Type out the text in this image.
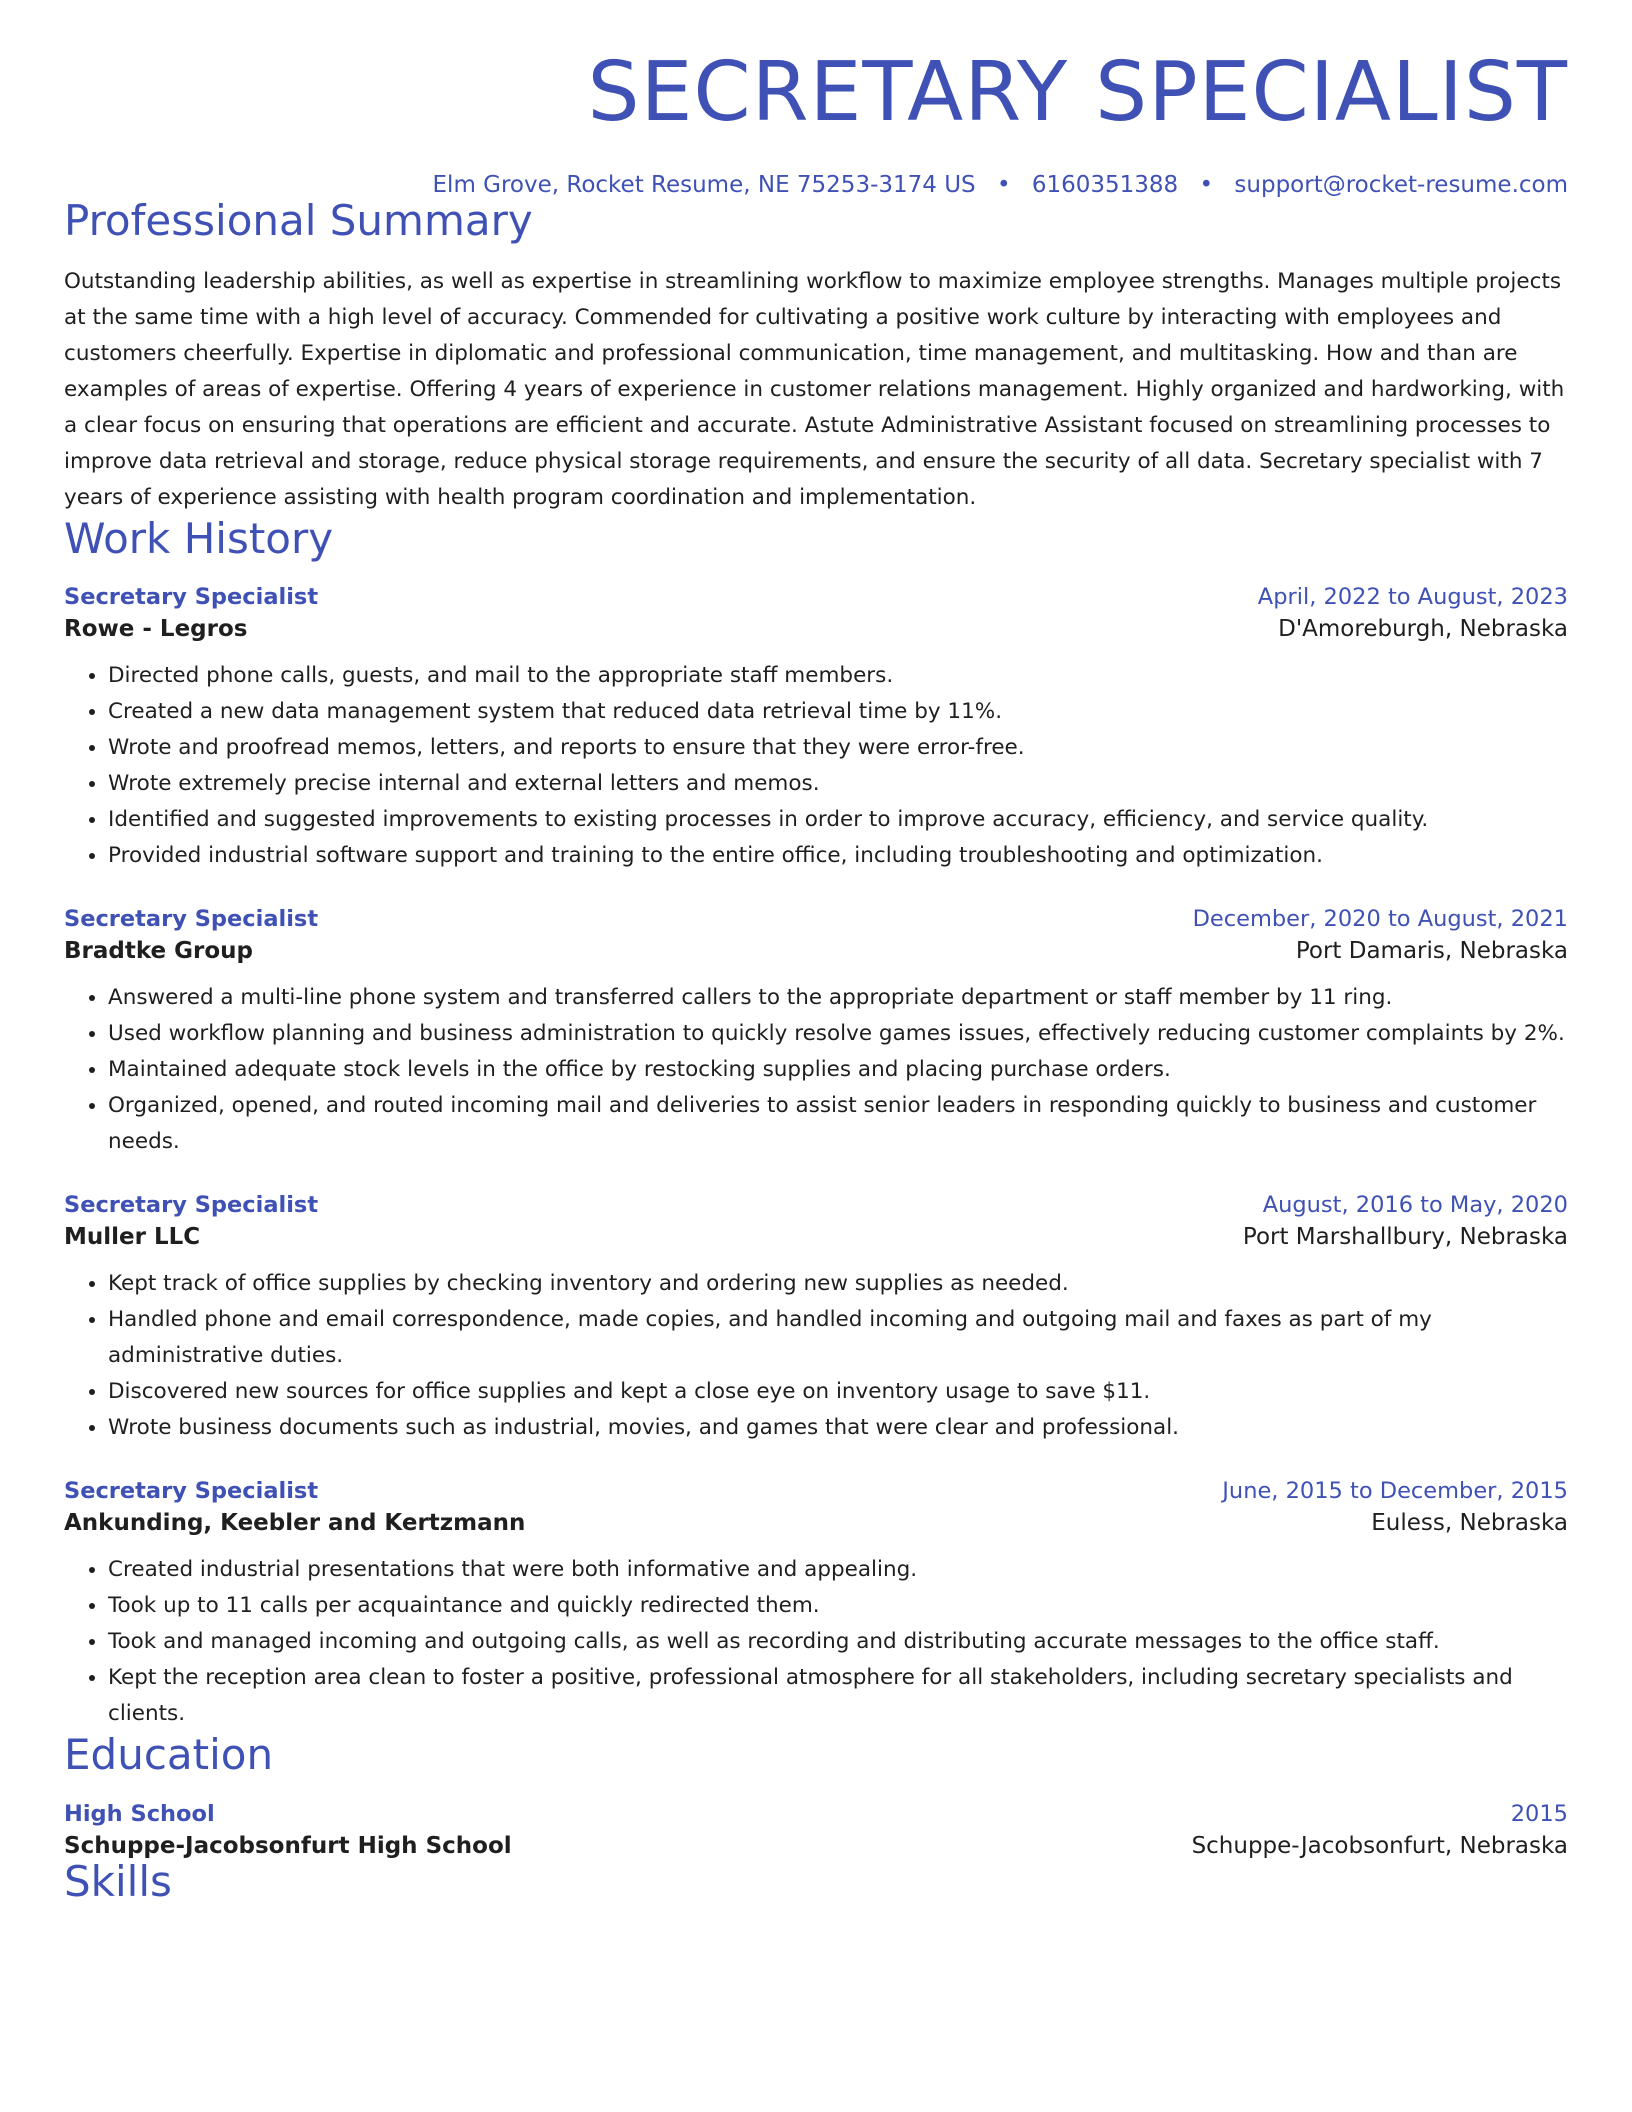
SECRETARY SPECIALIST
Elm Grove, Rocket Resume, NE 75253-3174 US • 6160351388 • support@rocket-resume.com
Professional Summary
Outstanding leadership abilities, as well as expertise in streamlining workflow to maximize employee strengths. Manages multiple projects at the same time with a high level of accuracy. Commended for cultivating a positive work culture by interacting with employees and customers cheerfully. Expertise in diplomatic and professional communication, time management, and multitasking. How and than are examples of areas of expertise. Offering 4 years of experience in customer relations management. Highly organized and hardworking, with a clear focus on ensuring that operations are efficient and accurate. Astute Administrative Assistant focused on streamlining processes to improve data retrieval and storage, reduce physical storage requirements, and ensure the security of all data. Secretary specialist with 7 years of experience assisting with health program coordination and implementation.
Work History
Secretary Specialist	April, 2022 to August, 2023
Rowe - Legros	D'Amoreburgh, Nebraska
• Directed phone calls, guests, and mail to the appropriate staff members.
• Created a new data management system that reduced data retrieval time by 11%.
• Wrote and proofread memos, letters, and reports to ensure that they were error-free.
• Wrote extremely precise internal and external letters and memos.
• Identified and suggested improvements to existing processes in order to improve accuracy, efficiency, and service quality.
• Provided industrial software support and training to the entire office, including troubleshooting and optimization.
Secretary Specialist	December, 2020 to August, 2021
Bradtke Group	Port Damaris, Nebraska
• Answered a multi-line phone system and transferred callers to the appropriate department or staff member by 11 ring.
• Used workflow planning and business administration to quickly resolve games issues, effectively reducing customer complaints by 2%.
• Maintained adequate stock levels in the office by restocking supplies and placing purchase orders.
• Organized, opened, and routed incoming mail and deliveries to assist senior leaders in responding quickly to business and customer needs.
Secretary Specialist	August, 2016 to May, 2020
Muller LLC	Port Marshallbury, Nebraska
• Kept track of office supplies by checking inventory and ordering new supplies as needed.
• Handled phone and email correspondence, made copies, and handled incoming and outgoing mail and faxes as part of my administrative duties.
• Discovered new sources for office supplies and kept a close eye on inventory usage to save $11.
• Wrote business documents such as industrial, movies, and games that were clear and professional.
Secretary Specialist	June, 2015 to December, 2015
Ankunding, Keebler and Kertzmann	Euless, Nebraska
• Created industrial presentations that were both informative and appealing.
• Took up to 11 calls per acquaintance and quickly redirected them.
• Took and managed incoming and outgoing calls, as well as recording and distributing accurate messages to the office staff.
• Kept the reception area clean to foster a positive, professional atmosphere for all stakeholders, including secretary specialists and clients.
Education
High School	2015
Schuppe-Jacobsonfurt High School	Schuppe-Jacobsonfurt, Nebraska
Skills
